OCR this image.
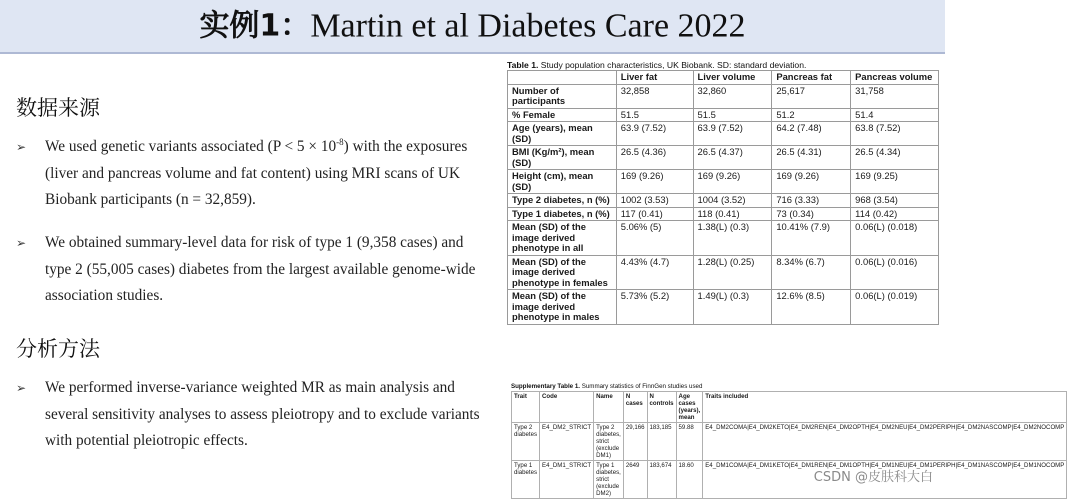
实例1：Martin et al Diabetes Care 2022
数据来源
➢ We used genetic variants associated $(P < 5 \times 10^{-8})$ with the exposures (liver and pancreas volume and fat content) using MRI scans of UK Biobank participants (n = 32,859).
➢ We obtained summary-level data for risk of type 1 (9,358 cases) and type 2 (55,005 cases) diabetes from the largest available genome-wide association studies.
分析方法
➢ We performed inverse-variance weighted MR as main analysis and several sensitivity analyses to assess pleiotropy and to exclude variants with potential pleiotropic effects.
Table 1. Study population characteristics, UK Biobank. SD: standard deviation.
	Liver fat	Liver volume	Pancreas fat	Pancreas volume
Number of participants	32,858	32,860	25,617	31,758
% Female	51.5	51.5	51.2	51.4
Age (years), mean (SD)	63.9 (7.52)	63.9 (7.52)	64.2 (7.48)	63.8 (7.52)
BMI (Kg/m²), mean (SD)	26.5 (4.36)	26.5 (4.37)	26.5 (4.31)	26.5 (4.34)
Height (cm), mean (SD)	169 (9.26)	169 (9.26)	169 (9.26)	169 (9.25)
Type 2 diabetes, n (%)	1002 (3.53)	1004 (3.52)	716 (3.33)	968 (3.54)
Type 1 diabetes, n (%)	117 (0.41)	118 (0.41)	73 (0.34)	114 (0.42)
Mean (SD) of the image derived phenotype in all	5.06% (5)	1.38(L) (0.3)	10.41% (7.9)	0.06(L) (0.018)
Mean (SD) of the image derived phenotype in females	4.43% (4.7)	1.28(L) (0.25)	8.34% (6.7)	0.06(L) (0.016)
Mean (SD) of the image derived phenotype in males	5.73% (5.2)	1.49(L) (0.3)	12.6% (8.5)	0.06(L) (0.019)
Supplementary Table 1. Summary statistics of FinnGen studies used
Trait	Code	Name	N cases	N controls	Age cases (years), mean	Traits included
Type 2 diabetes	E4_DM2_STRICT	Type 2 diabetes, strict (exclude DM1)	29,166	183,185	59.88	E4_DM2COMA|E4_DM2KETO|E4_DM2REN|E4_DM2OPTH|E4_DM2NEU|E4_DM2PERIPH|E4_DM2NASCOMP|E4_DM2NOCOMP
Type 1 diabetes	E4_DM1_STRICT	Type 1 diabetes, strict (exclude DM2)	2649	183,674	18.60	E4_DM1COMA|E4_DM1KETO|E4_DM1REN|E4_DM1OPTH|E4_DM1NEU|E4_DM1PERIPH|E4_DM1NASCOMP|E4_DM1NOCOMP
CSDN @皮肤科大白
